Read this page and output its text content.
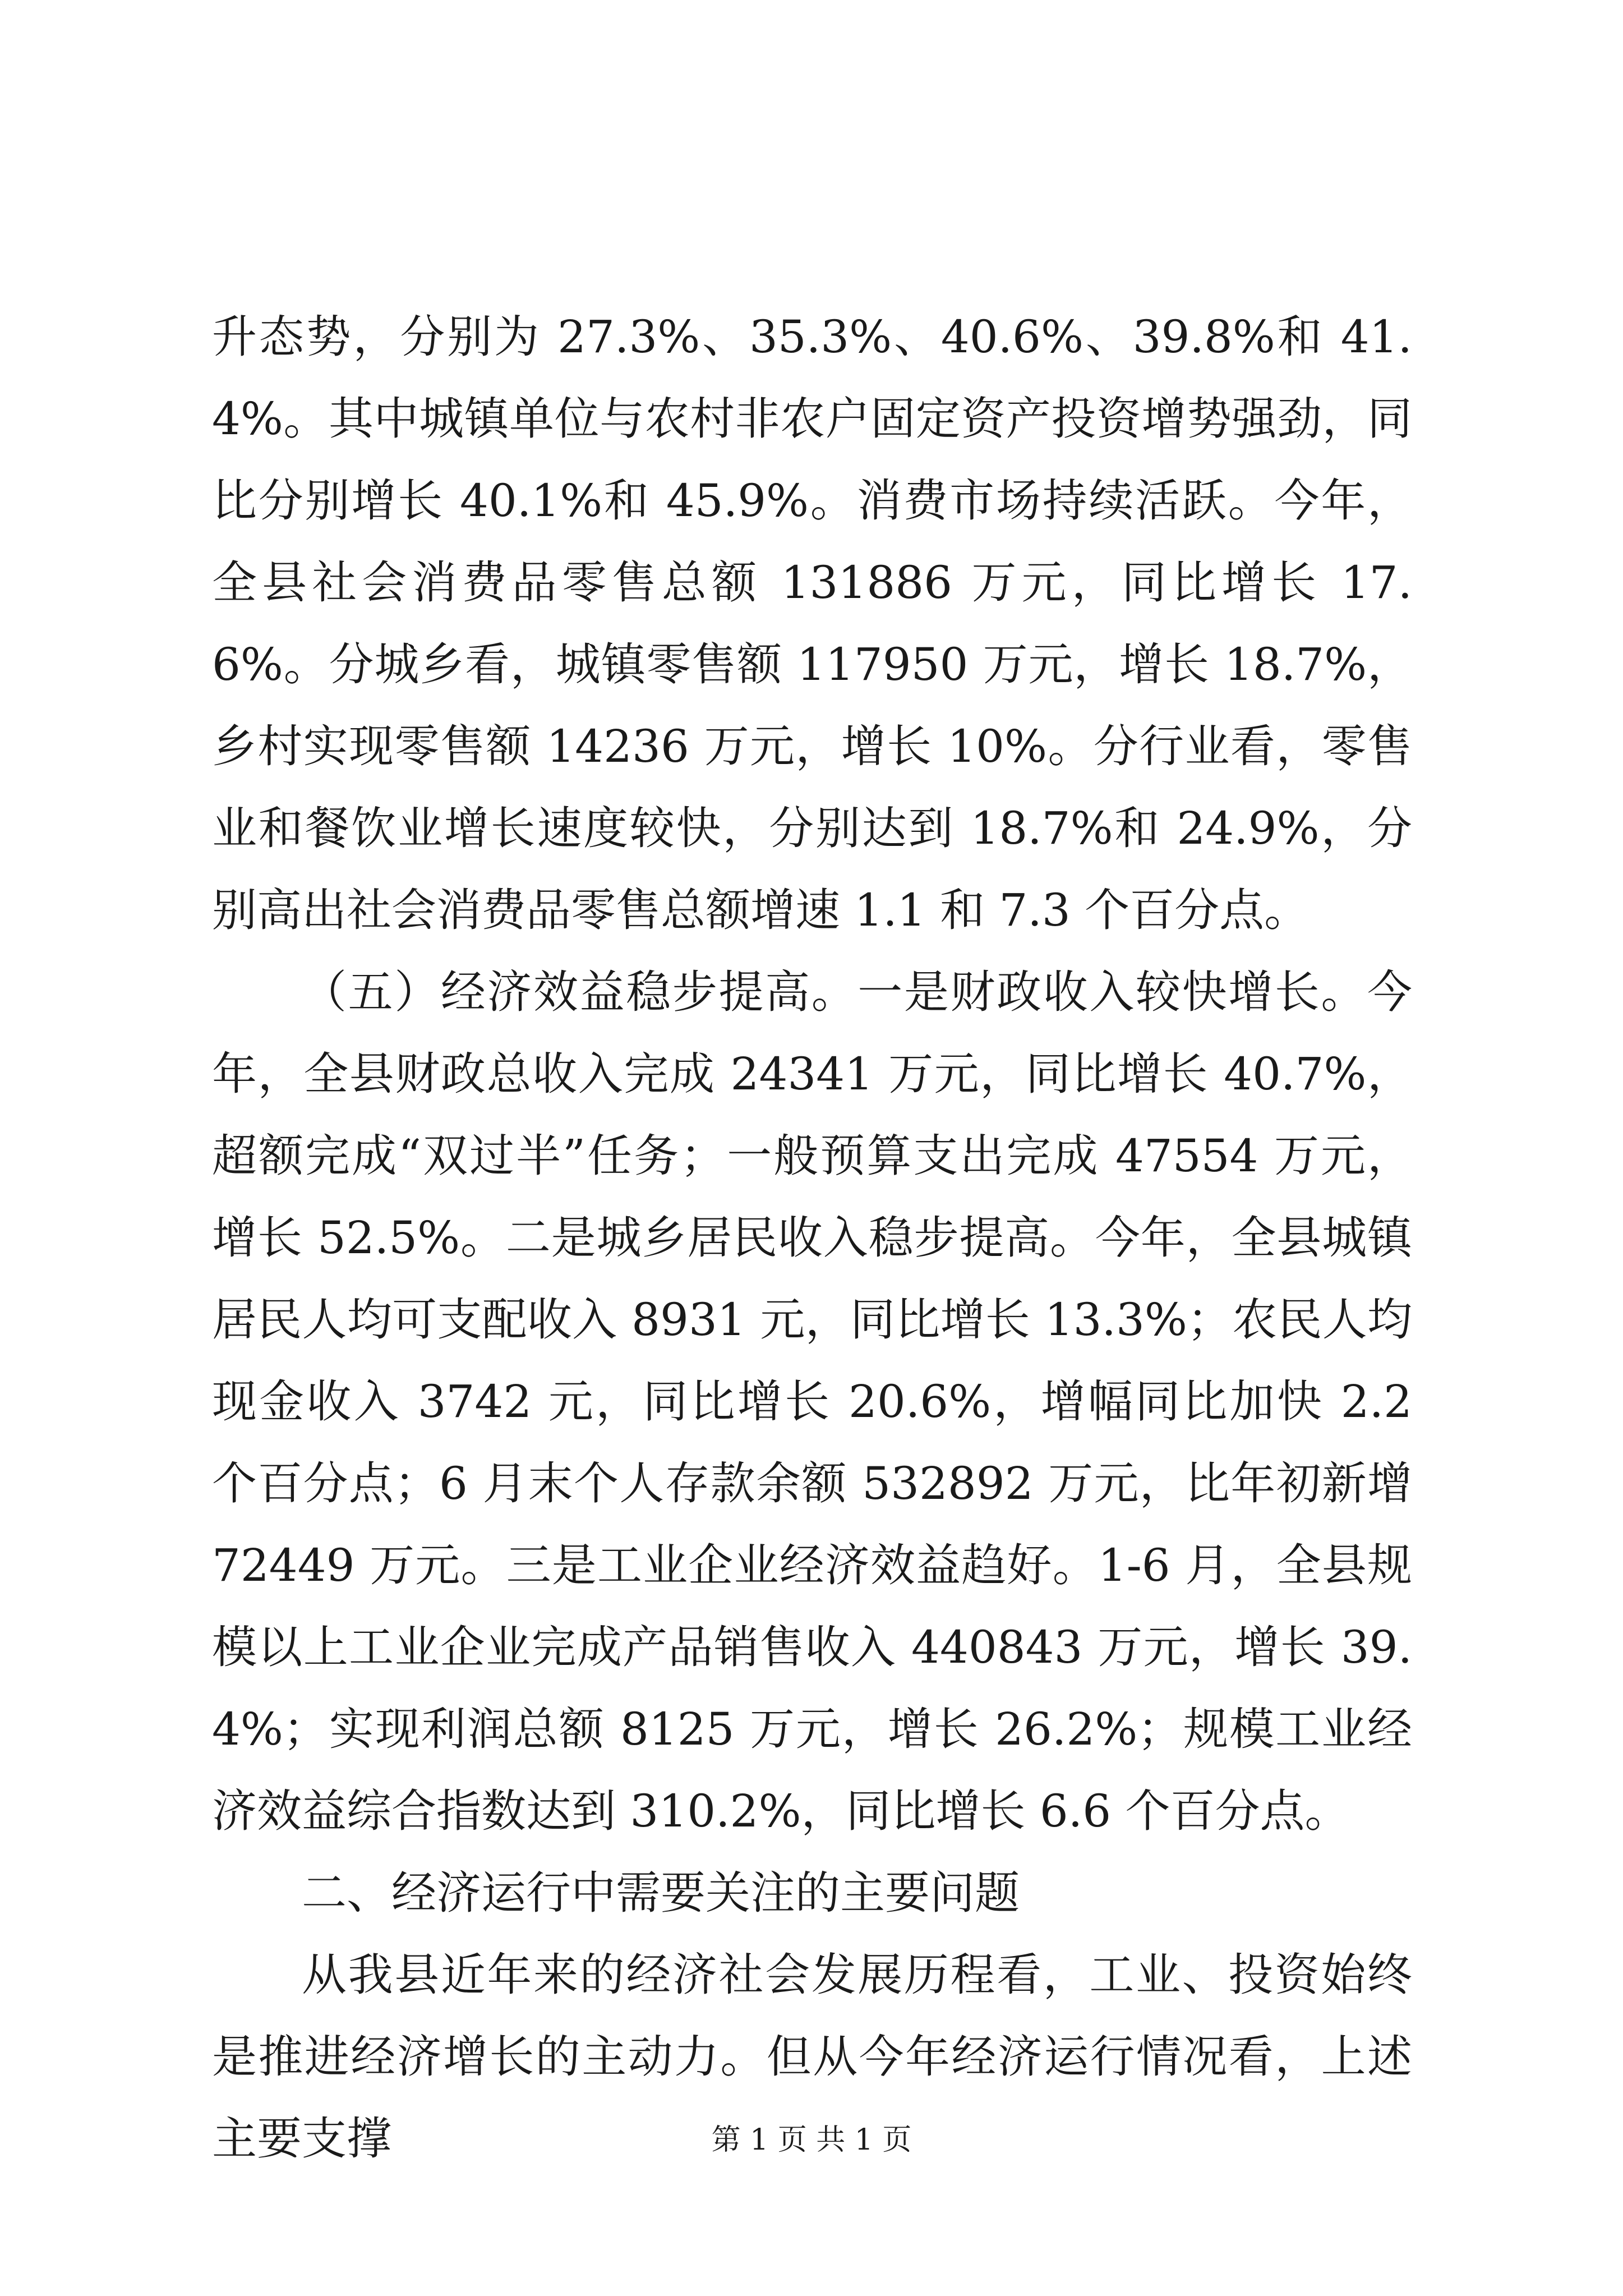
升态势，分别为 27.3%、35.3%、40.6%、39.8%和 41.4%。其中城镇单位与农村非农户固定资产投资增势强劲，同比分别增长 40.1%和 45.9%。消费市场持续活跃。今年，全县社会消费品零售总额 131886 万元，同比增长 17.6%。分城乡看，城镇零售额 117950 万元，增长 18.7%，乡村实现零售额 14236 万元，增长 10%。分行业看，零售业和餐饮业增长速度较快，分别达到 18.7%和 24.9%，分别高出社会消费品零售总额增速 1.1 和 7.3 个百分点。

（五）经济效益稳步提高。一是财政收入较快增长。今年，全县财政总收入完成 24341 万元，同比增长 40.7%，超额完成“双过半”任务；一般预算支出完成 47554 万元，增长 52.5%。二是城乡居民收入稳步提高。今年，全县城镇居民人均可支配收入 8931 元，同比增长 13.3%；农民人均现金收入 3742 元，同比增长 20.6%，增幅同比加快 2.2 个百分点；6 月末个人存款余额 532892 万元，比年初新增 72449 万元。三是工业企业经济效益趋好。1-6 月，全县规模以上工业企业完成产品销售收入 440843 万元，增长 39.4%；实现利润总额 8125 万元，增长 26.2%；规模工业经济效益综合指数达到 310.2%，同比增长 6.6 个百分点。

二、经济运行中需要关注的主要问题

从我县近年来的经济社会发展历程看，工业、投资始终是推进经济增长的主动力。但从今年经济运行情况看，上述主要支撑	第 1 页 共 1 页
